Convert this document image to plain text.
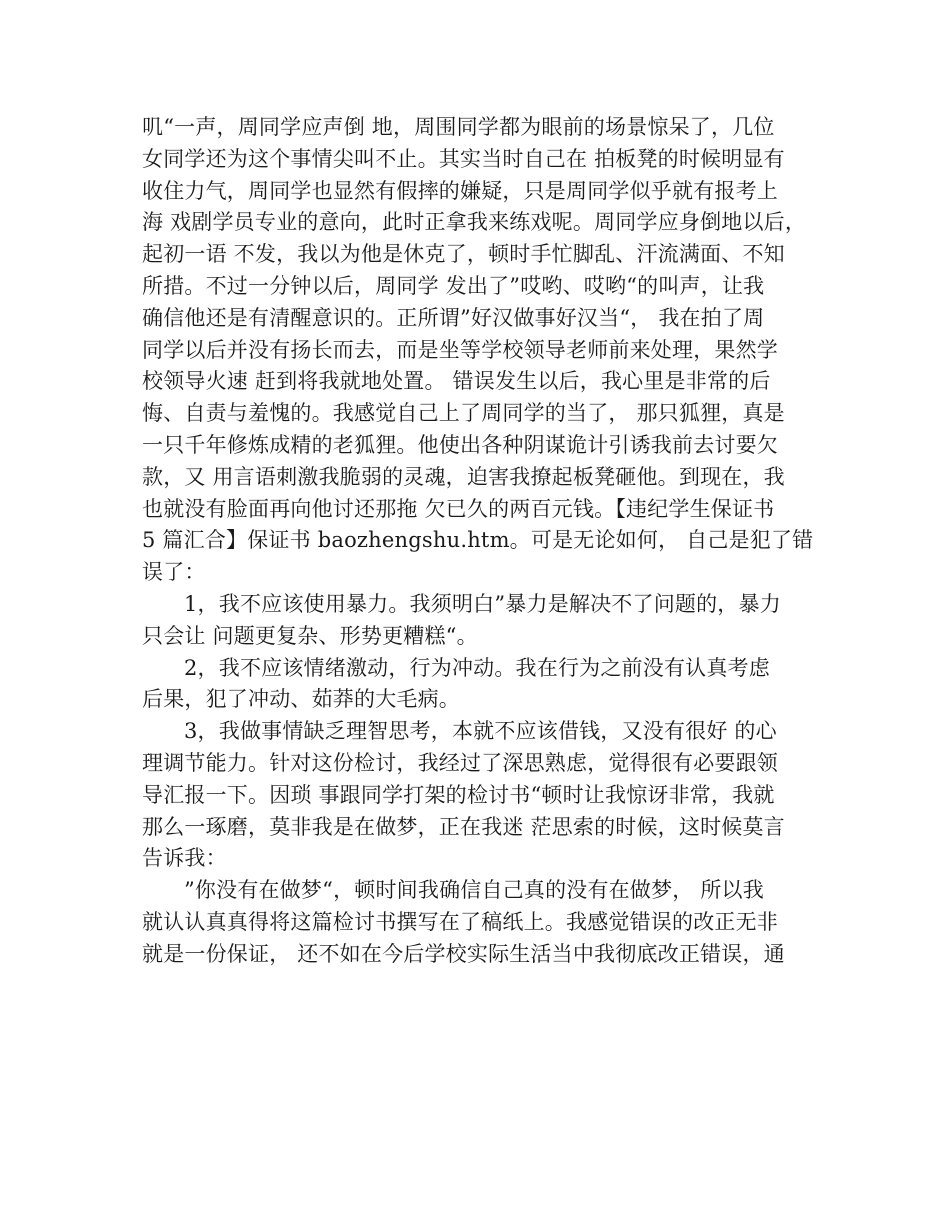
叽“一声，周同学应声倒 地，周围同学都为眼前的场景惊呆了，几位
女同学还为这个事情尖叫不止。其实当时自己在 拍板凳的时候明显有
收住力气，周同学也显然有假摔的嫌疑，只是周同学似乎就有报考上
海 戏剧学员专业的意向，此时正拿我来练戏呢。周同学应身倒地以后，
起初一语 不发，我以为他是休克了，顿时手忙脚乱、汗流满面、不知
所措。不过一分钟以后，周同学 发出了”哎哟、哎哟“的叫声，让我
确信他还是有清醒意识的。正所谓”好汉做事好汉当“， 我在拍了周
同学以后并没有扬长而去，而是坐等学校领导老师前来处理，果然学
校领导火速 赶到将我就地处置。 错误发生以后，我心里是非常的后
悔、自责与羞愧的。我感觉自己上了周同学的当了， 那只狐狸，真是
一只千年修炼成精的老狐狸。他使出各种阴谋诡计引诱我前去讨要欠
款，又 用言语刺激我脆弱的灵魂，迫害我撩起板凳砸他。到现在，我
也就没有脸面再向他讨还那拖 欠已久的两百元钱。【违纪学生保证书
5 篇汇合】保证书 baozhengshu.htm。可是无论如何， 自己是犯了错
误了：
1，我不应该使用暴力。我须明白”暴力是解决不了问题的，暴力
只会让 问题更复杂、形势更糟糕“。
2，我不应该情绪激动，行为冲动。我在行为之前没有认真考虑
后果，犯了冲动、茹莽的大毛病。
3，我做事情缺乏理智思考，本就不应该借钱，又没有很好 的心
理调节能力。针对这份检讨，我经过了深思熟虑，觉得很有必要跟领
导汇报一下。因琐 事跟同学打架的检讨书“顿时让我惊讶非常，我就
那么一琢磨，莫非我是在做梦，正在我迷 茫思索的时候，这时候莫言
告诉我：
”你没有在做梦“，顿时间我确信自己真的没有在做梦， 所以我
就认认真真得将这篇检讨书撰写在了稿纸上。我感觉错误的改正无非
就是一份保证， 还不如在今后学校实际生活当中我彻底改正错误，通
